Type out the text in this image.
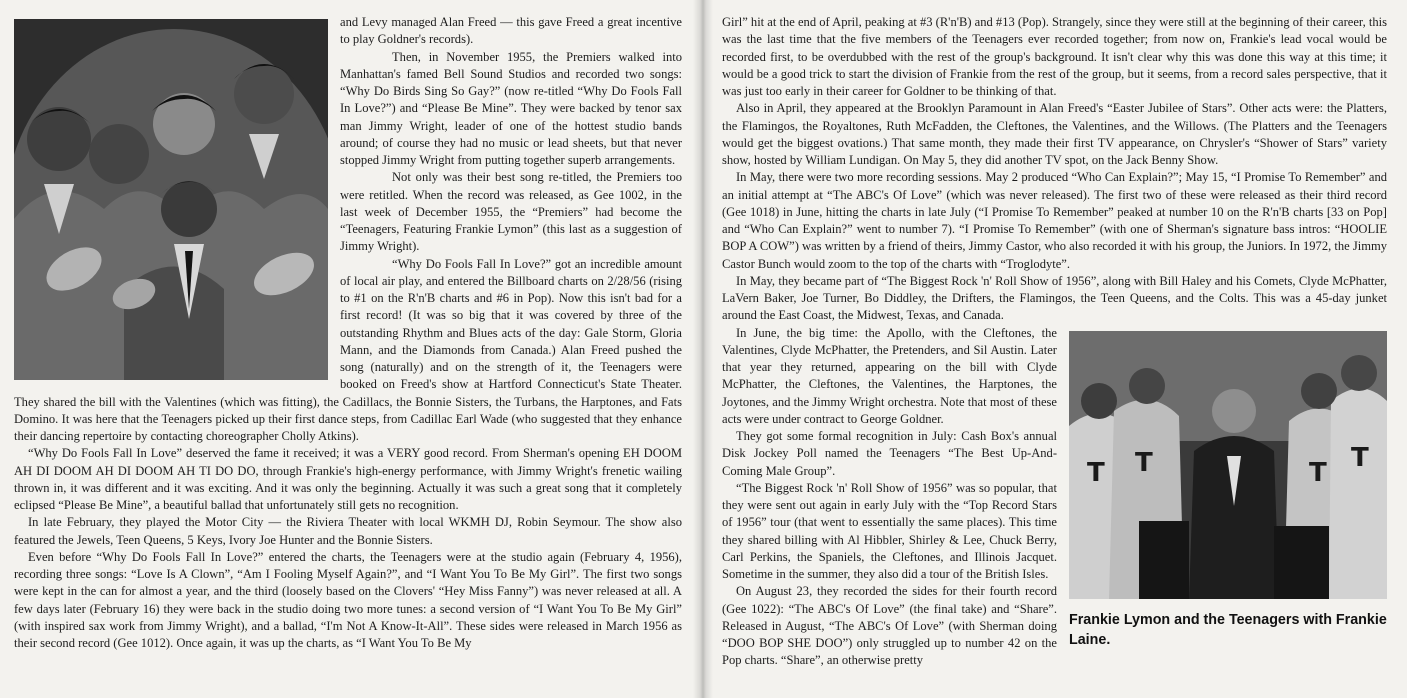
and Levy managed Alan Freed — this gave Freed a great incentive to play Goldner's records).

Then, in November 1955, the Premiers walked into Manhattan's famed Bell Sound Studios and recorded two songs: “Why Do Birds Sing So Gay?” (now re-titled “Why Do Fools Fall In Love?”) and “Please Be Mine”. They were backed by tenor sax man Jimmy Wright, leader of one of the hottest studio bands around; of course they had no music or lead sheets, but that never stopped Jimmy Wright from putting together superb arrangements.

Not only was their best song re-titled, the Premiers too were retitled. When the record was released, as Gee 1002, in the last week of December 1955, the “Premiers” had become the “Teenagers, Featuring Frankie Lymon” (this last as a suggestion of Jimmy Wright).

“Why Do Fools Fall In Love?” got an incredible amount of local air play, and entered the Billboard charts on 2/28/56 (rising to #1 on the R'n'B charts and #6 in Pop). Now this isn't bad for a first record! (It was so big that it was covered by three of the outstanding Rhythm and Blues acts of the day: Gale Storm, Gloria Mann, and the Diamonds from Canada.) Alan Freed pushed the song (naturally) and on the strength of it, the Teenagers were booked on Freed's show at Hartford Connecticut's State Theater. They shared the bill with the Valentines (which was fitting), the Cadillacs, the Bonnie Sisters, the Turbans, the Harptones, and Fats Domino. It was here that the Teenagers picked up their first dance steps, from Cadillac Earl Wade (who suggested that they enhance their dancing repertoire by contacting choreographer Cholly Atkins).

“Why Do Fools Fall In Love” deserved the fame it received; it was a VERY good record. From Sherman's opening EH DOOM AH DI DOOM AH DI DOOM AH TI DO DO, through Frankie's high-energy performance, with Jimmy Wright's frenetic wailing thrown in, it was different and it was exciting. And it was only the beginning. Actually it was such a great song that it completely eclipsed “Please Be Mine”, a beautiful ballad that unfortunately still gets no recognition.

In late February, they played the Motor City — the Riviera Theater with local WKMH DJ, Robin Seymour. The show also featured the Jewels, Teen Queens, 5 Keys, Ivory Joe Hunter and the Bonnie Sisters.

Even before “Why Do Fools Fall In Love?” entered the charts, the Teenagers were at the studio again (February 4, 1956), recording three songs: “Love Is A Clown”, “Am I Fooling Myself Again?”, and “I Want You To Be My Girl”. The first two songs were kept in the can for almost a year, and the third (loosely based on the Clovers' “Hey Miss Fanny”) was never released at all. A few days later (February 16) they were back in the studio doing two more tunes: a second version of “I Want You To Be My Girl” (with inspired sax work from Jimmy Wright), and a ballad, “I'm Not A Know-It-All”. These sides were released in March 1956 as their second record (Gee 1012). Once again, it was up the charts, as “I Want You To Be My

Girl” hit at the end of April, peaking at #3 (R'n'B) and #13 (Pop). Strangely, since they were still at the beginning of their career, this was the last time that the five members of the Teenagers ever recorded together; from now on, Frankie's lead vocal would be recorded first, to be overdubbed with the rest of the group's background. It isn't clear why this was done this way at this time; it would be a good trick to start the division of Frankie from the rest of the group, but it seems, from a record sales perspective, that it was just too early in their career for Goldner to be thinking of that.

Also in April, they appeared at the Brooklyn Paramount in Alan Freed's “Easter Jubilee of Stars”. Other acts were: the Platters, the Flamingos, the Royaltones, Ruth McFadden, the Cleftones, the Valentines, and the Willows. (The Platters and the Teenagers would get the biggest ovations.) That same month, they made their first TV appearance, on Chrysler's “Shower of Stars” variety show, hosted by William Lundigan. On May 5, they did another TV spot, on the Jack Benny Show.

In May, there were two more recording sessions. May 2 produced “Who Can Explain?”; May 15, “I Promise To Remember” and an initial attempt at “The ABC's Of Love” (which was never released). The first two of these were released as their third record (Gee 1018) in June, hitting the charts in late July (“I Promise To Remember” peaked at number 10 on the R'n'B charts [33 on Pop] and “Who Can Explain?” went to number 7). “I Promise To Remember” (with one of Sherman's signature bass intros: “HOOLIE BOP A COW”) was written by a friend of theirs, Jimmy Castor, who also recorded it with his group, the Juniors. In 1972, the Jimmy Castor Bunch would zoom to the top of the charts with “Troglodyte”.

In May, they became part of “The Biggest Rock 'n' Roll Show of 1956”, along with Bill Haley and his Comets, Clyde McPhatter, LaVern Baker, Joe Turner, Bo Diddley, the Drifters, the Flamingos, the Teen Queens, and the Colts. This was a 45-day junket around the East Coast, the Midwest, Texas, and Canada.

T T	T T
Frankie Lymon and the Teenagers with Frankie Laine.

In June, the big time: the Apollo, with the Cleftones, the Valentines, Clyde McPhatter, the Pretenders, and Sil Austin. Later that year they returned, appearing on the bill with Clyde McPhatter, the Cleftones, the Valentines, the Harptones, the Joytones, and the Jimmy Wright orchestra. Note that most of these acts were under contract to George Goldner.

They got some formal recognition in July: Cash Box's annual Disk Jockey Poll named the Teenagers “The Best Up-And-Coming Male Group”.

“The Biggest Rock 'n' Roll Show of 1956” was so popular, that they were sent out again in early July with the “Top Record Stars of 1956” tour (that went to essentially the same places). This time they shared billing with Al Hibbler, Shirley & Lee, Chuck Berry, Carl Perkins, the Spaniels, the Cleftones, and Illinois Jacquet. Sometime in the summer, they also did a tour of the British Isles.

On August 23, they recorded the sides for their fourth record (Gee 1022): “The ABC's Of Love” (the final take) and “Share”. Released in August, “The ABC's Of Love” (with Sherman doing “DOO BOP SHE DOO”) only struggled up to number 42 on the Pop charts. “Share”, an otherwise pretty
